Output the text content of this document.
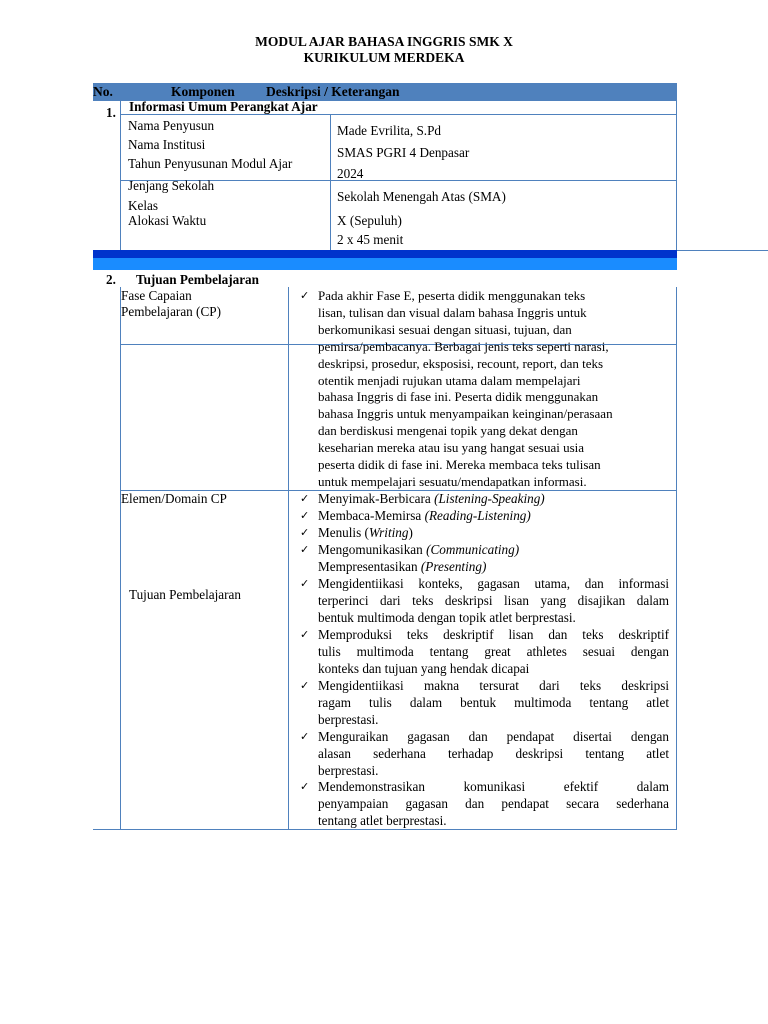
MODUL AJAR BAHASA INGGRIS SMK X
KURIKULUM MERDEKA
No.	Komponen Deskripsi / Keterangan
1. Informasi Umum Perangkat Ajar
Nama Penyusun
Nama Institusi
Tahun Penyusunan Modul Ajar
Made Evrilita, S.Pd
SMAS PGRI 4 Denpasar
2024
Jenjang Sekolah
Kelas
Alokasi Waktu
Sekolah Menengah Atas (SMA)
X (Sepuluh)
2 x 45 menit
2. Tujuan Pembelajaran
Fase Capaian
Pembelajaran (CP)
✓ Pada akhir Fase E, peserta didik menggunakan teks
lisan, tulisan dan visual dalam bahasa Inggris untuk
berkomunikasi sesuai dengan situasi, tujuan, dan
pemirsa/pembacanya. Berbagai jenis teks seperti narasi,
deskripsi, prosedur, eksposisi, recount, report, dan teks
otentik menjadi rujukan utama dalam mempelajari
bahasa Inggris di fase ini. Peserta didik menggunakan
bahasa Inggris untuk menyampaikan keinginan/perasaan
dan berdiskusi mengenai topik yang dekat dengan
keseharian mereka atau isu yang hangat sesuai usia
peserta didik di fase ini. Mereka membaca teks tulisan
untuk mempelajari sesuatu/mendapatkan informasi.
Elemen/Domain CP
Tujuan Pembelajaran
✓ Menyimak-Berbicara (Listening-Speaking)
✓ Membaca-Memirsa (Reading-Listening)
✓ Menulis (Writing)
✓ Mengomunikasikan (Communicating)
Mempresentasikan (Presenting)
✓ Mengidentiikasi konteks, gagasan utama, dan informasi
terperinci dari teks deskripsi lisan yang disajikan dalam
bentuk multimoda dengan topik atlet berprestasi.
✓ Memproduksi teks deskriptif lisan dan teks deskriptif
tulis multimoda tentang great athletes sesuai dengan
konteks dan tujuan yang hendak dicapai
✓ Mengidentiikasi makna tersurat dari teks deskripsi
ragam tulis dalam bentuk multimoda tentang atlet
berprestasi.
✓ Menguraikan gagasan dan pendapat disertai dengan
alasan sederhana terhadap deskripsi tentang atlet
berprestasi.
✓ Mendemonstrasikan komunikasi efektif dalam
penyampaian gagasan dan pendapat secara sederhana
tentang atlet berprestasi.
